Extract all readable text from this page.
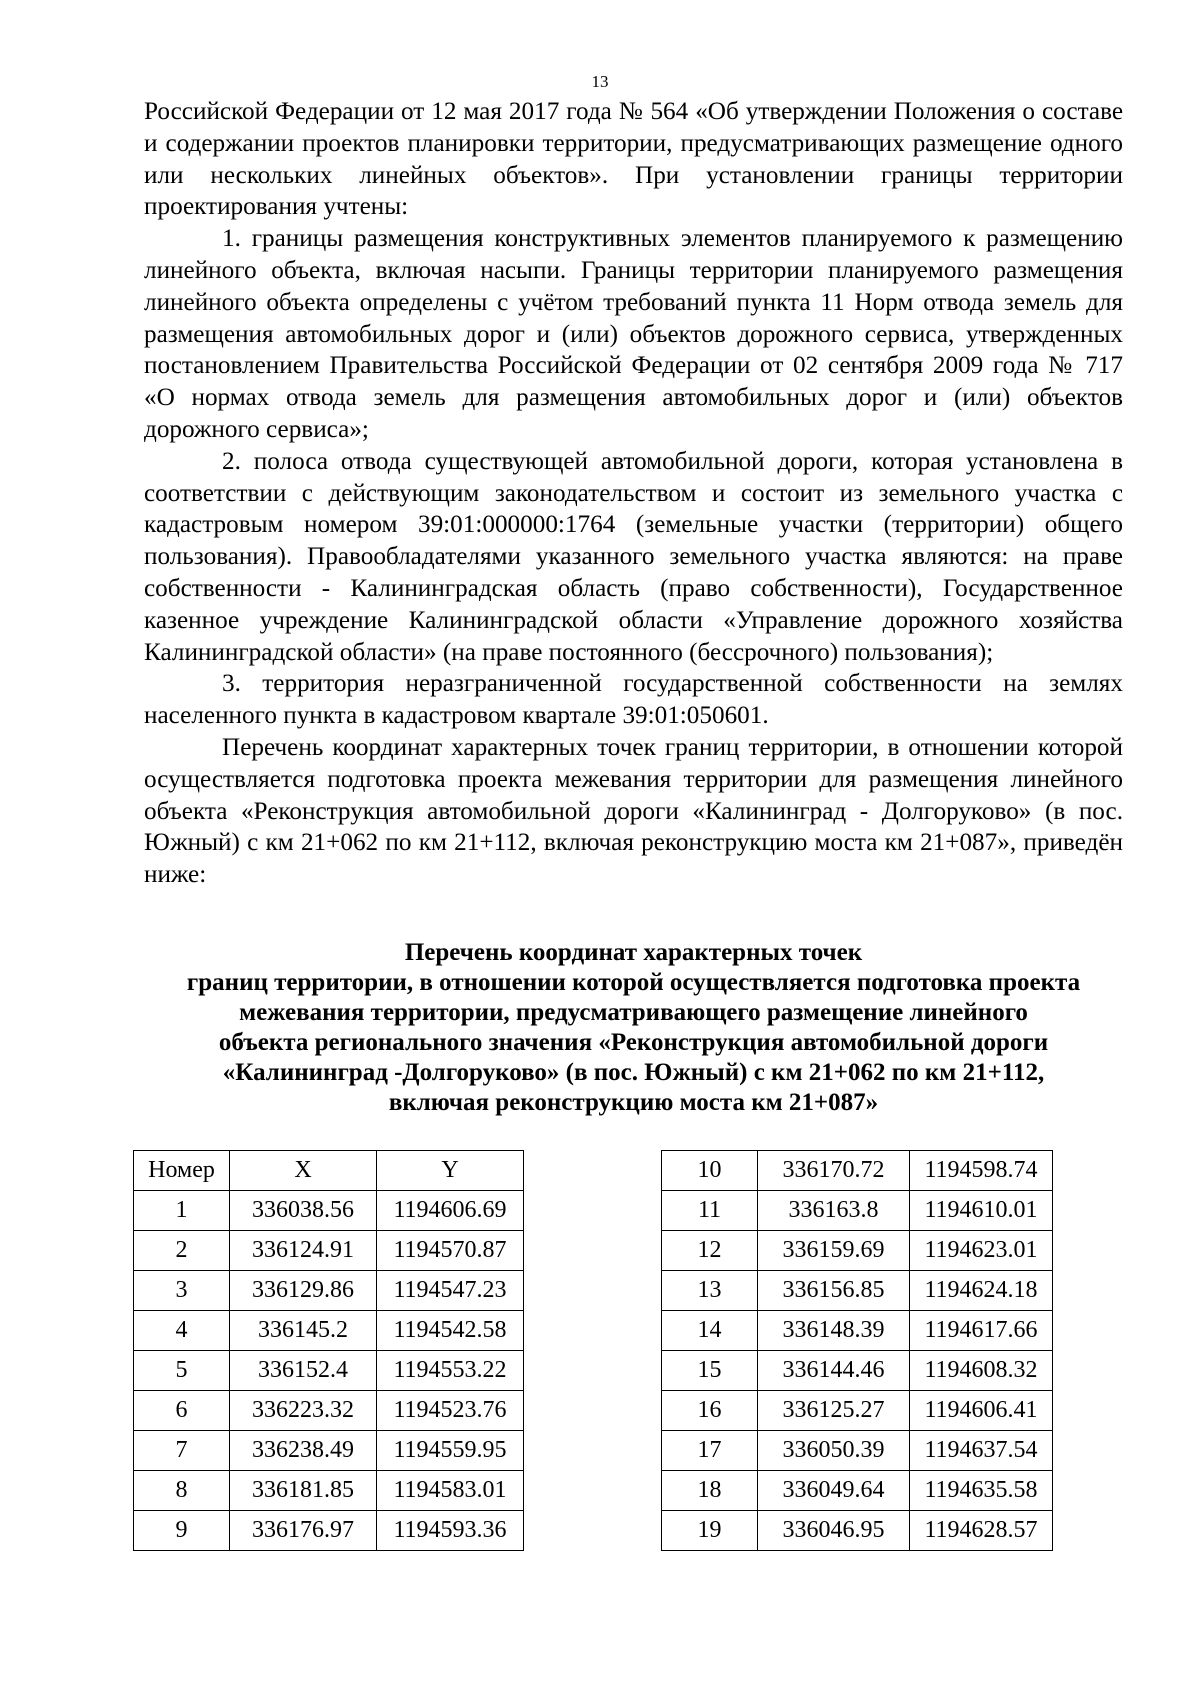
13

Российской Федерации от 12 мая 2017 года № 564 «Об утверждении Положения о составе и содержании проектов планировки территории, предусматривающих размещение одного или нескольких линейных объектов». При установлении границы территории проектирования учтены:

1. границы размещения конструктивных элементов планируемого к размещению линейного объекта, включая насыпи. Границы территории планируемого размещения линейного объекта определены с учётом требований пункта 11 Норм отвода земель для размещения автомобильных дорог и (или) объектов дорожного сервиса, утвержденных постановлением Правительства Российской Федерации от 02 сентября 2009 года № 717 «О нормах отвода земель для размещения автомобильных дорог и (или) объектов дорожного сервиса»;

2. полоса отвода существующей автомобильной дороги, которая установлена в соответствии с действующим законодательством и состоит из земельного участка с кадастровым номером 39:01:000000:1764 (земельные участки (территории) общего пользования). Правообладателями указанного земельного участка являются: на праве собственности - Калининградская область (право собственности), Государственное казенное учреждение Калининградской области «Управление дорожного хозяйства Калининградской области» (на праве постоянного (бессрочного) пользования);

3. территория неразграниченной государственной собственности на землях населенного пункта в кадастровом квартале 39:01:050601.

Перечень координат характерных точек границ территории, в отношении которой осуществляется подготовка проекта межевания территории для размещения линейного объекта «Реконструкция автомобильной дороги «Калининград - Долгоруково» (в пос. Южный) с км 21+062 по км 21+112, включая реконструкцию моста км 21+087», приведён ниже:

Перечень координат характерных точек
границ территории, в отношении которой осуществляется подготовка проекта
межевания территории, предусматривающего размещение линейного
объекта регионального значения «Реконструкция автомобильной дороги
«Калининград -Долгоруково» (в пос. Южный) с км 21+062 по км 21+112,
включая реконструкцию моста км 21+087»
Номер	X	Y
1	336038.56	1194606.69
2	336124.91	1194570.87
3	336129.86	1194547.23
4	336145.2	1194542.58
5	336152.4	1194553.22
6	336223.32	1194523.76
7	336238.49	1194559.95
8	336181.85	1194583.01
9	336176.97	1194593.36
10	336170.72	1194598.74
11	336163.8	1194610.01
12	336159.69	1194623.01
13	336156.85	1194624.18
14	336148.39	1194617.66
15	336144.46	1194608.32
16	336125.27	1194606.41
17	336050.39	1194637.54
18	336049.64	1194635.58
19	336046.95	1194628.57
